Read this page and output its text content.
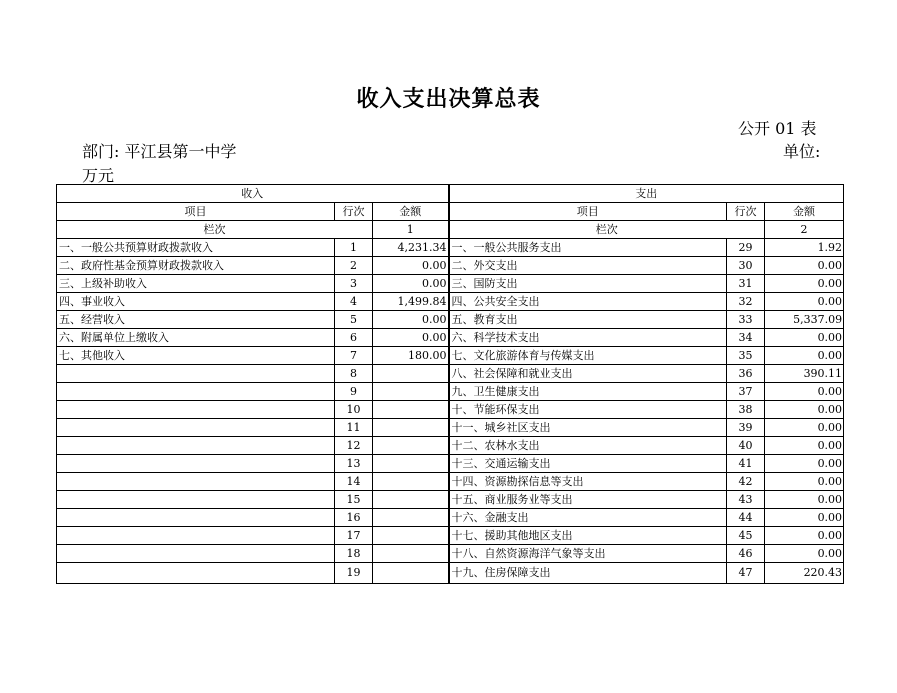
收入支出决算总表
公开 01 表
部门: 平江县第一中学	单位:
万元
收入			支出		
项目	行次	金额	项目	行次	金额
栏次		1	栏次		2
一、一般公共预算财政拨款收入	1	4,231.34	一、一般公共服务支出	29	1.92
二、政府性基金预算财政拨款收入	2	0.00	二、外交支出	30	0.00
三、上级补助收入	3	0.00	三、国防支出	31	0.00
四、事业收入	4	1,499.84	四、公共安全支出	32	0.00
五、经营收入	5	0.00	五、教育支出	33	5,337.09
六、附属单位上缴收入	6	0.00	六、科学技术支出	34	0.00
七、其他收入	7	180.00	七、文化旅游体育与传媒支出	35	0.00
	8		八、社会保障和就业支出	36	390.11
	9		九、卫生健康支出	37	0.00
	10		十、节能环保支出	38	0.00
	11		十一、城乡社区支出	39	0.00
	12		十二、农林水支出	40	0.00
	13		十三、交通运输支出	41	0.00
	14		十四、资源勘探信息等支出	42	0.00
	15		十五、商业服务业等支出	43	0.00
	16		十六、金融支出	44	0.00
	17		十七、援助其他地区支出	45	0.00
	18		十八、自然资源海洋气象等支出	46	0.00
	19		十九、住房保障支出	47	220.43
